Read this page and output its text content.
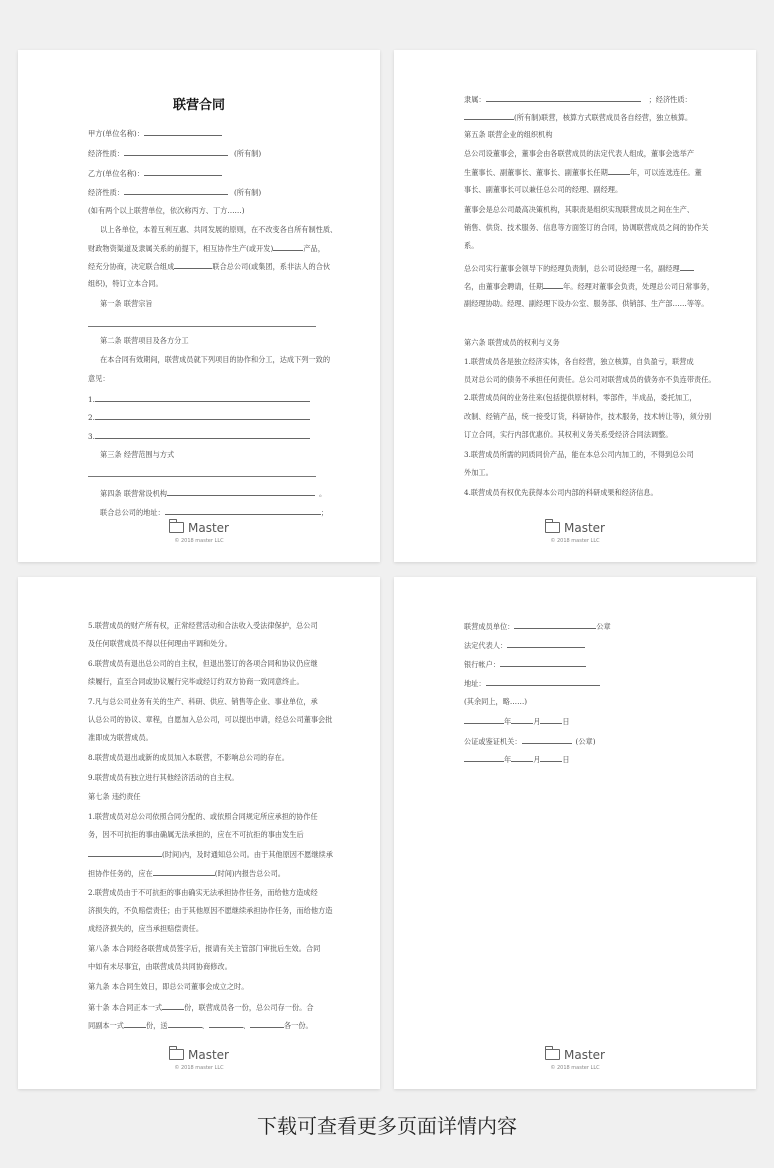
联营合同
甲方(单位名称)：
经济性质：	(所有制)
乙方(单位名称)：
经济性质：	(所有制)
(如有两个以上联营单位，依次称丙方、丁方……)
以上各单位，本着互利互惠、共同发展的原则，在不改变各自所有制性质、
财政物资渠道及隶属关系的前提下，相互协作生产(或开发)	产品，
经充分协商，决定联合组成	联合总公司(或集团，系非法人的合伙
组织)，特订立本合同。
第一条 联营宗旨
第二条 联营项目及各方分工
在本合同有效期间，联营成员就下列项目的协作和分工，达成下列一致的
意见：
1.
2.
3.
第三条 经营范围与方式
第四条 联营常设机构	。
联合总公司的地址：	；
Master
© 2018 master LLC
隶属：	；经济性质：
(所有制)联营，核算方式联营成员各自经营，独立核算。
第五条 联营企业的组织机构
总公司设董事会，董事会由各联营成员的法定代表人组成，董事会选举产
生董事长、副董事长、董事长、副董事长任期	年，可以连选连任。董
事长、副董事长可以兼任总公司的经理、副经理。
董事会是总公司最高决策机构，其职责是组织实现联营成员之间在生产、
销售、供货、技术服务、信息等方面签订的合同，协调联营成员之间的协作关
系。
总公司实行董事会领导下的经理负责制，总公司设经理一名，副经理
名，由董事会聘请，任期	年。经理对董事会负责，处理总公司日常事务，
副经理协助。经理、副经理下设办公室、服务部、供销部、生产部……等等。
第六条 联营成员的权利与义务
1.联营成员各是独立经济实体，各自经营，独立核算，自负盈亏，联营成
员对总公司的债务不承担任何责任。总公司对联营成员的债务亦不负连带责任。
2.联营成员间的业务往来(包括提供原材料，零部件，半成品，委托加工，
改制、经销产品，统一接受订货，科研协作，技术服务，技术转让等)，须分别
订立合同，实行内部优惠价。其权利义务关系受经济合同法调整。
3.联营成员所需的同质同价产品，能在本总公司内加工的，不得到总公司
外加工。
4.联营成员有权优先获得本公司内部的科研成果和经济信息。
Master
© 2018 master LLC
5.联营成员的财产所有权，正常经营活动和合法收入受法律保护，总公司
及任何联营成员不得以任何理由平调和处分。
6.联营成员有退出总公司的自主权，但退出签订的各项合同和协议仍应继
续履行，直至合同或协议履行完毕或经订约双方协商一致同意终止。
7.凡与总公司业务有关的生产、科研、供应、销售等企业、事业单位，承
认总公司的协议、章程，自愿加入总公司，可以提出申请，经总公司董事会批
准即成为联营成员。
8.联营成员退出或新的成员加入本联营，不影响总公司的存在。
9.联营成员有独立进行其他经济活动的自主权。
第七条 违约责任
1.联营成员对总公司依照合同分配的、或依照合同规定所应承担的协作任
务，因不可抗拒的事由确属无法承担的，应在不可抗拒的事由发生后
(时间)内，及时通知总公司。由于其他原因不愿继续承
担协作任务的，应在	(时间)内报告总公司。
2.联营成员由于不可抗拒的事由确实无法承担协作任务，而给他方造成经
济损失的，不负赔偿责任；由于其他原因不愿继续承担协作任务，而给他方造
成经济损失的，应当承担赔偿责任。
第八条 本合同经各联营成员签字后，报请有关主管部门审批后生效。合同
中如有未尽事宜，由联营成员共同协商修改。
第九条 本合同生效日，即总公司董事会成立之时。
第十条 本合同正本一式	份，联营成员各一份，总公司存一份。合
同副本一式	份，送	、	、	各一份。
Master
© 2018 master LLC
联营成员单位：	公章
法定代表人：
银行帐户：
地址：
(其余同上，略……)
年	月	日
公证或鉴证机关：	(公章)
年	月	日
Master
© 2018 master LLC
下载可查看更多页面详情内容
